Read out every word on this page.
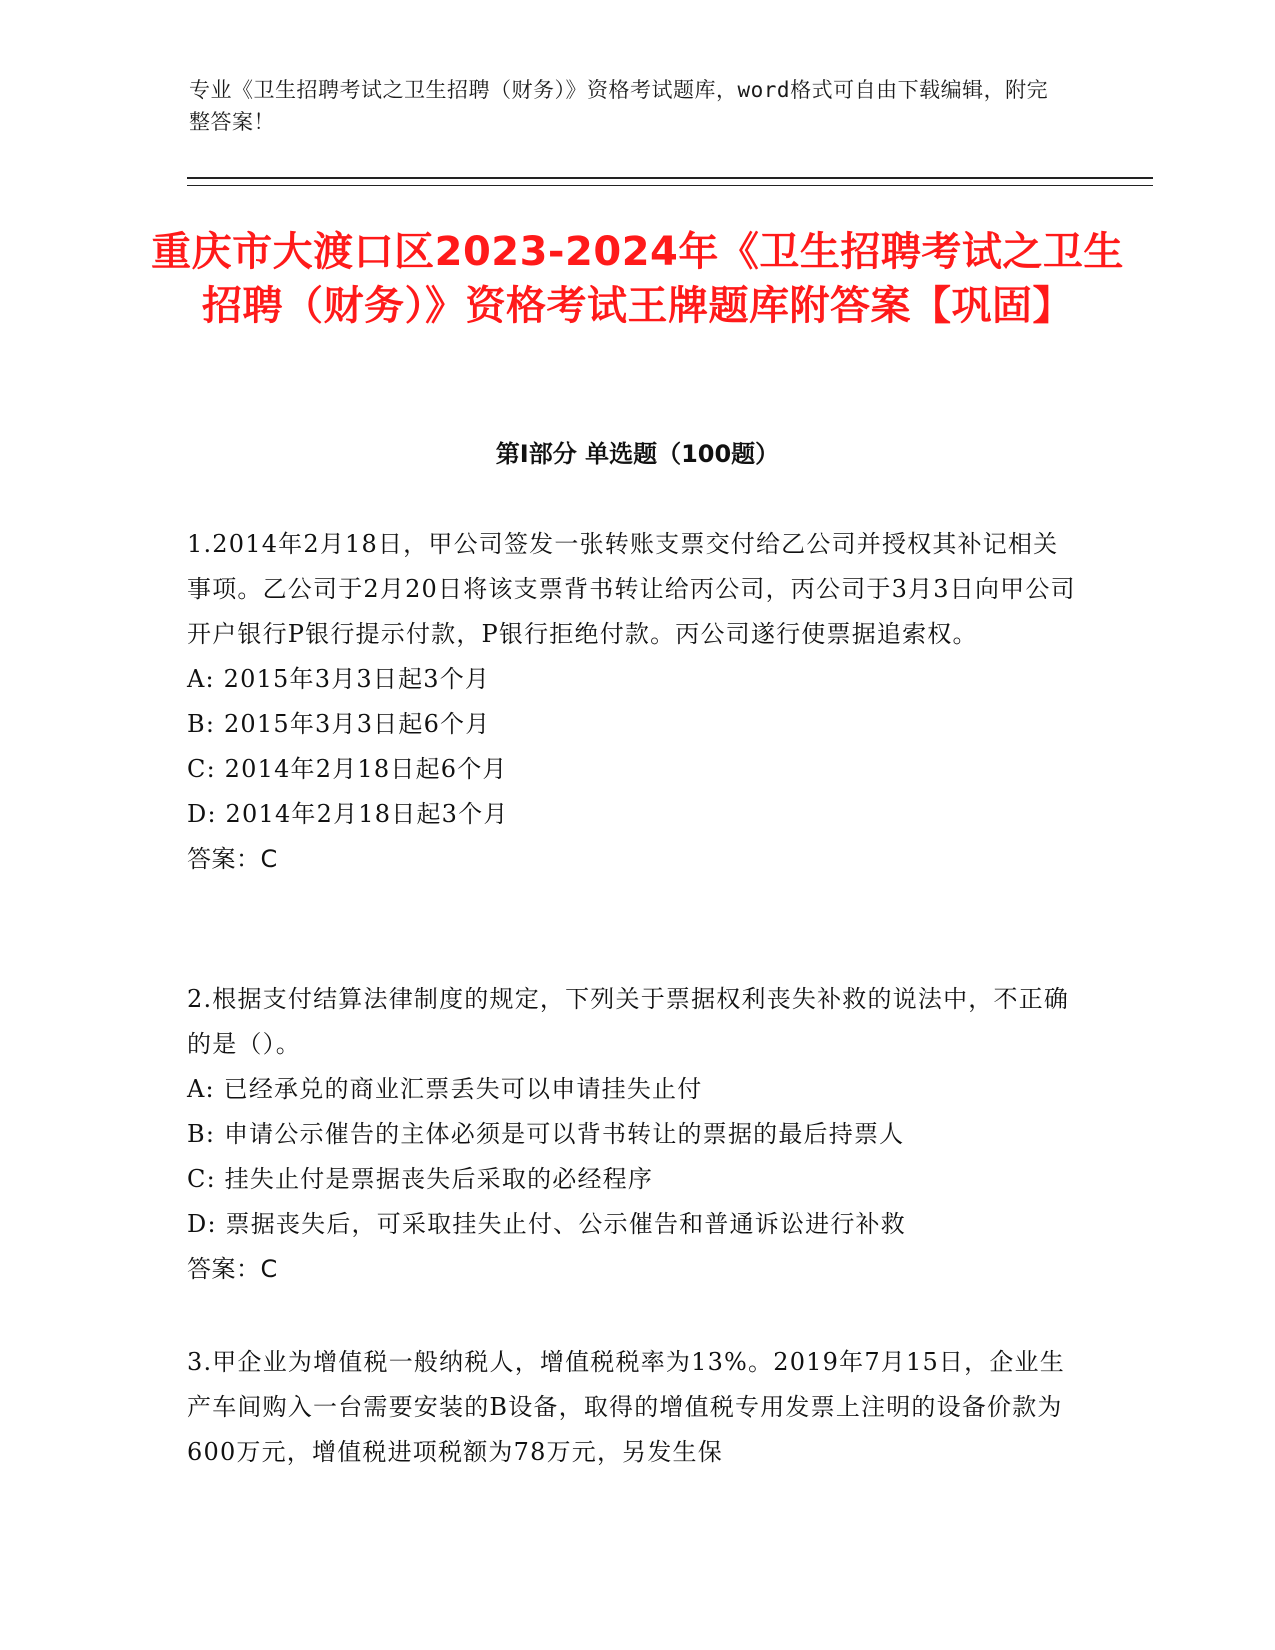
专业《卫生招聘考试之卫生招聘（财务）》资格考试题库，word格式可自由下载编辑，附完整答案！
重庆市大渡口区2023-2024年《卫生招聘考试之卫生招聘（财务）》资格考试王牌题库附答案【巩固】
第Ⅰ部分 单选题（100题）

1.2014年2月18日，甲公司签发一张转账支票交付给乙公司并授权其补记相关事项。乙公司于2月20日将该支票背书转让给丙公司，丙公司于3月3日向甲公司开户银行P银行提示付款，P银行拒绝付款。丙公司遂行使票据追索权。

A: 2015年3月3日起3个月
B: 2015年3月3日起6个月
C: 2014年2月18日起6个月
D: 2014年2月18日起3个月
答案：C

2.根据支付结算法律制度的规定，下列关于票据权利丧失补救的说法中，不正确的是（）。

A: 已经承兑的商业汇票丢失可以申请挂失止付
B: 申请公示催告的主体必须是可以背书转让的票据的最后持票人
C: 挂失止付是票据丧失后采取的必经程序
D: 票据丧失后，可采取挂失止付、公示催告和普通诉讼进行补救
答案：C

3.甲企业为增值税一般纳税人，增值税税率为13%。2019年7月15日，企业生产车间购入一台需要安装的B设备，取得的增值税专用发票上注明的设备价款为600万元，增值税进项税额为78万元，另发生保
